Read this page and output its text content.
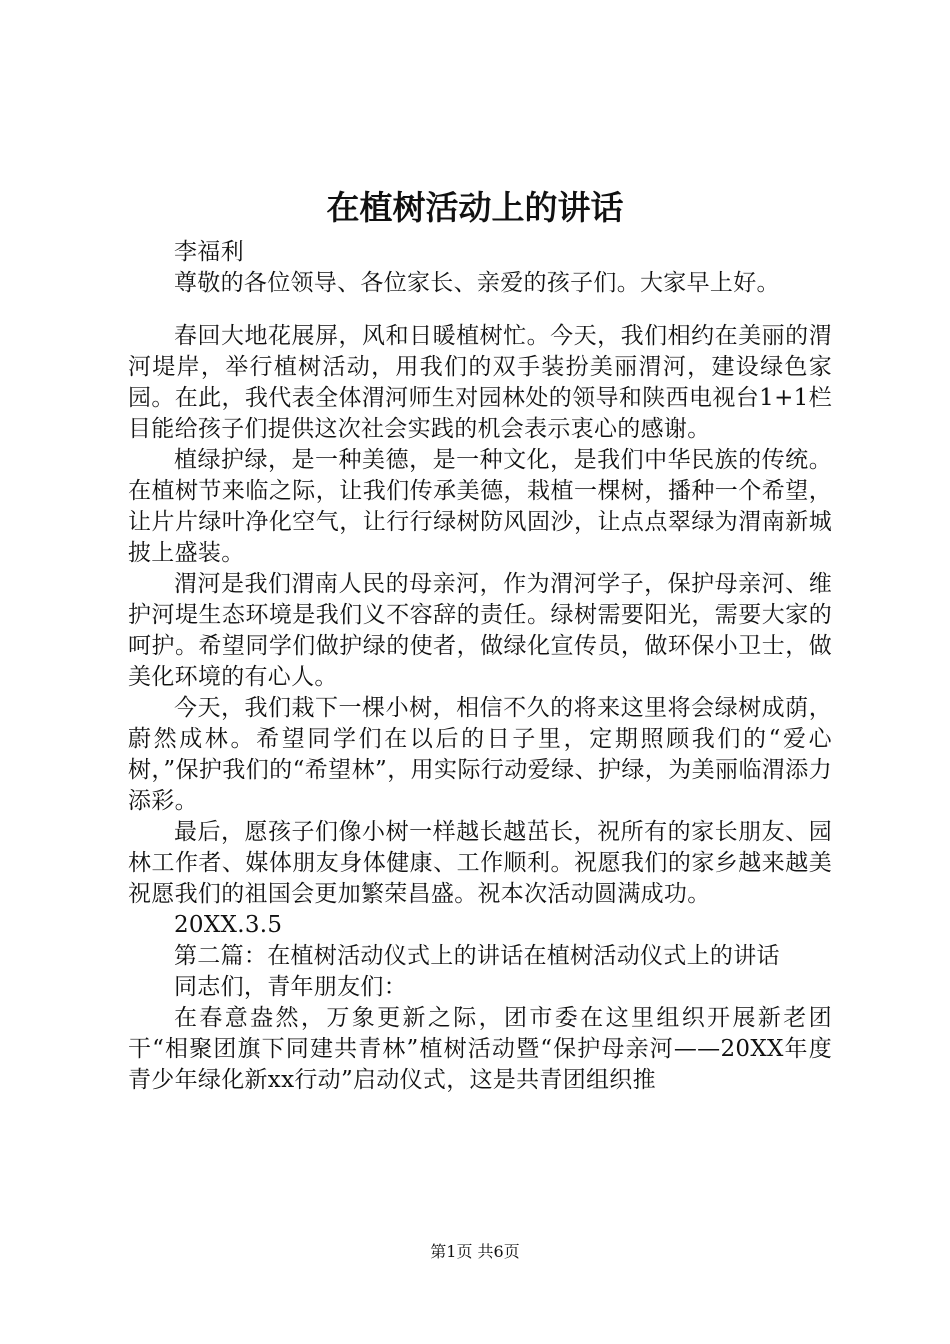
在植树活动上的讲话

李福利

尊敬的各位领导、各位家长、亲爱的孩子们。大家早上好。

春回大地花展屏，风和日暖植树忙。今天，我们相约在美丽的渭河堤岸，举行植树活动，用我们的双手装扮美丽渭河，建设绿色家园。在此，我代表全体渭河师生对园林处的领导和陕西电视台1+1栏目能给孩子们提供这次社会实践的机会表示衷心的感谢。

植绿护绿，是一种美德，是一种文化，是我们中华民族的传统。在植树节来临之际，让我们传承美德，栽植一棵树，播种一个希望，让片片绿叶净化空气，让行行绿树防风固沙，让点点翠绿为渭南新城披上盛装。

渭河是我们渭南人民的母亲河，作为渭河学子，保护母亲河、维护河堤生态环境是我们义不容辞的责任。绿树需要阳光，需要大家的呵护。希望同学们做护绿的使者，做绿化宣传员，做环保小卫士，做美化环境的有心人。

今天，我们栽下一棵小树，相信不久的将来这里将会绿树成荫，蔚然成林。希望同学们在以后的日子里，定期照顾我们的“爱心树，”保护我们的“希望林”，用实际行动爱绿、护绿，为美丽临渭添力添彩。

最后，愿孩子们像小树一样越长越茁长，祝所有的家长朋友、园林工作者、媒体朋友身体健康、工作顺利。祝愿我们的家乡越来越美祝愿我们的祖国会更加繁荣昌盛。祝本次活动圆满成功。

20XX.3.5

第二篇：在植树活动仪式上的讲话在植树活动仪式上的讲话

同志们，青年朋友们：

在春意盎然，万象更新之际，团市委在这里组织开展新老团干“相聚团旗下同建共青林”植树活动暨“保护母亲河——20XX年度青少年绿化新xx行动”启动仪式，这是共青团组织推

第1页 共6页
